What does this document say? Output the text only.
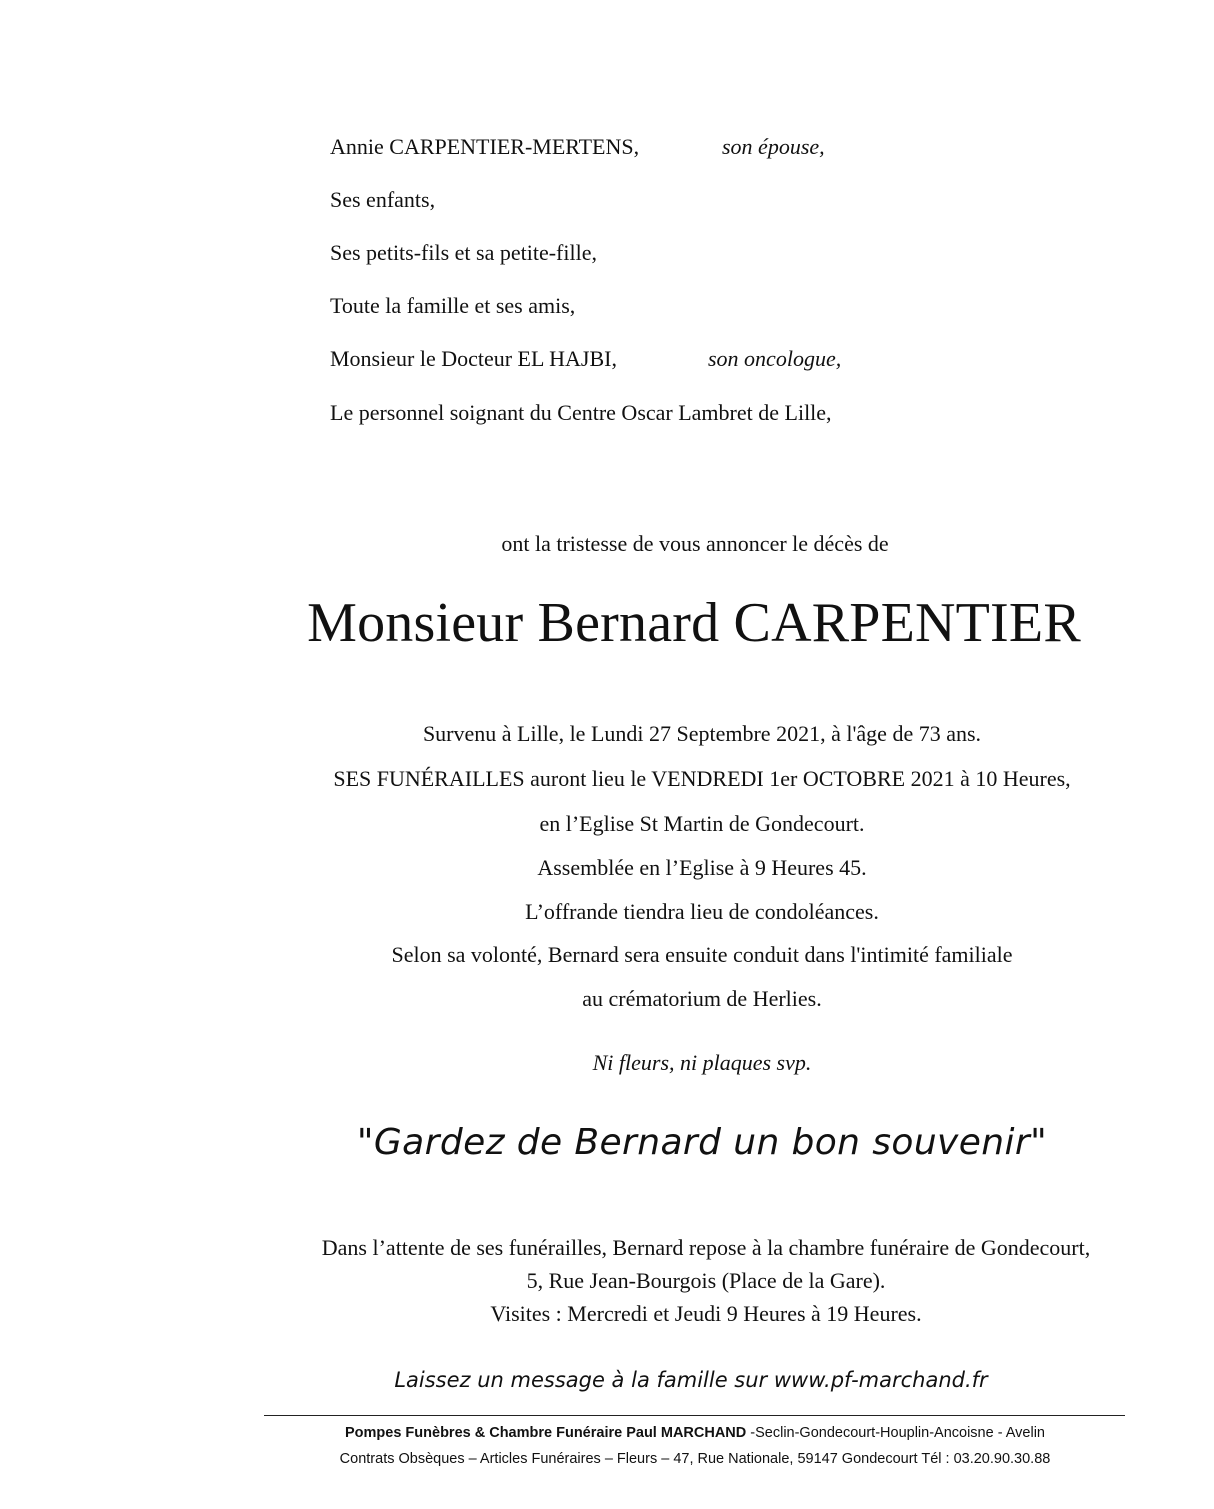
Annie CARPENTIER-MERTENS,	son épouse,
Ses enfants,
Ses petits-fils et sa petite-fille,
Toute la famille et ses amis,
Monsieur le Docteur EL HAJBI,	son oncologue,
Le personnel soignant du Centre Oscar Lambret de Lille,
ont la tristesse de vous annoncer le décès de
Monsieur Bernard CARPENTIER
Survenu à Lille, le Lundi 27 Septembre 2021, à l'âge de 73 ans.
SES FUNÉRAILLES auront lieu le VENDREDI 1er OCTOBRE 2021 à 10 Heures,
en l’Eglise St Martin de Gondecourt.
Assemblée en l’Eglise à 9 Heures 45.
L’offrande tiendra lieu de condoléances.
Selon sa volonté, Bernard sera ensuite conduit dans l'intimité familiale
au crématorium de Herlies.
Ni fleurs, ni plaques svp.
"Gardez de Bernard un bon souvenir"
Dans l’attente de ses funérailles, Bernard repose à la chambre funéraire de Gondecourt,
5, Rue Jean-Bourgois (Place de la Gare).
Visites : Mercredi et Jeudi 9 Heures à 19 Heures.
Laissez un message à la famille sur www.pf-marchand.fr
Pompes Funèbres & Chambre Funéraire Paul MARCHAND -Seclin-Gondecourt-Houplin-Ancoisne - Avelin
Contrats Obsèques – Articles Funéraires – Fleurs – 47, Rue Nationale, 59147 Gondecourt Tél : 03.20.90.30.88
